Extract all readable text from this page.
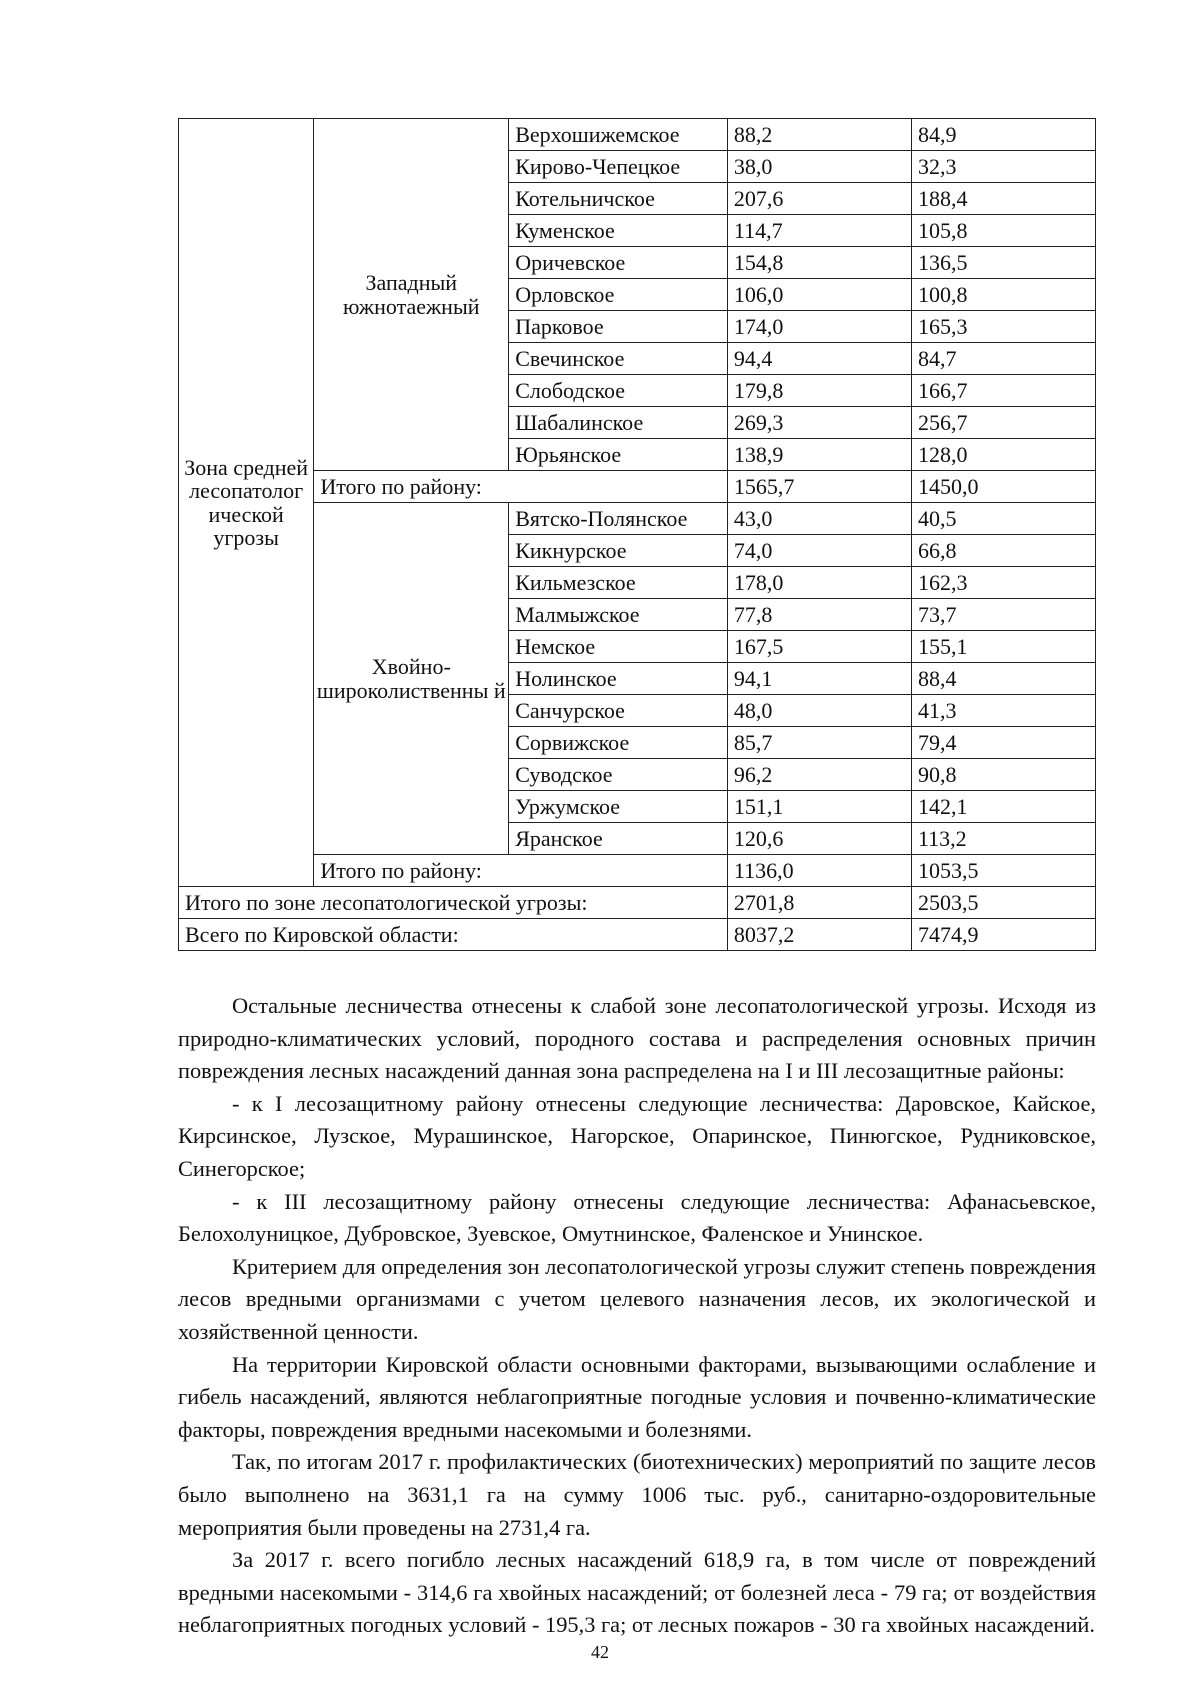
Зона средней лесопатолог ической угрозы	Западный южнотаежный	Верхошижемское	88,2	84,9
		Кирово-Чепецкое	38,0	32,3
		Котельничское	207,6	188,4
		Куменское	114,7	105,8
		Оричевское	154,8	136,5
		Орловское	106,0	100,8
		Парковое	174,0	165,3
		Свечинское	94,4	84,7
		Слободское	179,8	166,7
		Шабалинское	269,3	256,7
		Юрьянское	138,9	128,0
	Итого по району:		1565,7	1450,0
	Хвойно- широколиственны й	Вятско-Полянское	43,0	40,5
		Кикнурское	74,0	66,8
		Кильмезское	178,0	162,3
		Малмыжское	77,8	73,7
		Немское	167,5	155,1
		Нолинское	94,1	88,4
		Санчурское	48,0	41,3
		Сорвижское	85,7	79,4
		Суводское	96,2	90,8
		Уржумское	151,1	142,1
		Яранское	120,6	113,2
	Итого по району:		1136,0	1053,5
Итого по зоне лесопатологической угрозы:			2701,8	2503,5
Всего по Кировской области:			8037,2	7474,9

Остальные лесничества отнесены к слабой зоне лесопатологической угрозы. Исходя из природно-климатических условий, породного состава и распределения основных причин повреждения лесных насаждений данная зона распределена на I и III лесозащитные районы:

- к I лесозащитному району отнесены следующие лесничества: Даровское, Кайское, Кирсинское, Лузское, Мурашинское, Нагорское, Опаринское, Пинюгское, Рудниковское, Синегорское;

- к III лесозащитному району отнесены следующие лесничества: Афанасьевское, Белохолуницкое, Дубровское, Зуевское, Омутнинское, Фаленское и Унинское.

Критерием для определения зон лесопатологической угрозы служит степень повреждения лесов вредными организмами с учетом целевого назначения лесов, их экологической и хозяйственной ценности.

На территории Кировской области основными факторами, вызывающими ослабление и гибель насаждений, являются неблагоприятные погодные условия и почвенно-климатические факторы, повреждения вредными насекомыми и болезнями.

Так, по итогам 2017 г. профилактических (биотехнических) мероприятий по защите лесов было выполнено на 3631,1 га на сумму 1006 тыс. руб., санитарно-оздоровительные мероприятия были проведены на 2731,4 га.

За 2017 г. всего погибло лесных насаждений 618,9 га, в том числе от повреждений вредными насекомыми - 314,6 га хвойных насаждений; от болезней леса - 79 га; от воздействия неблагоприятных погодных условий - 195,3 га; от лесных пожаров - 30 га хвойных насаждений.

42
